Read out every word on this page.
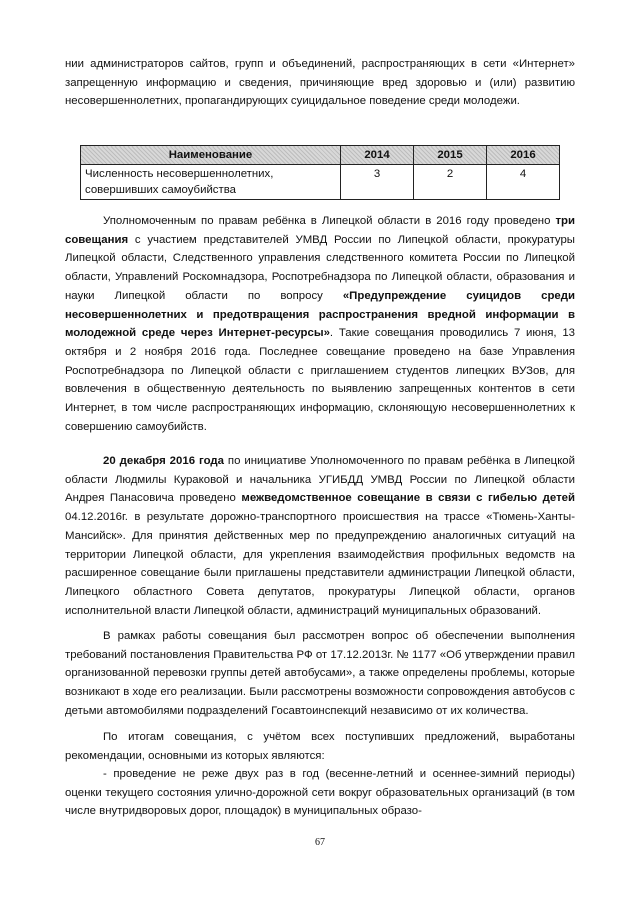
нии администраторов сайтов, групп и объединений, распространяющих в сети «Интернет» запрещенную информацию и сведения, причиняющие вред здоровью и (или) развитию несовершеннолетних, пропагандирующих суицидальное поведение среди молодежи.

Наименование	2014	2015	2016
Численность несовершеннолетних, совершивших самоубийства	3	2	4

Уполномоченным по правам ребёнка в Липецкой области в 2016 году проведено три совещания с участием представителей УМВД России по Липецкой области, прокуратуры Липецкой области, Следственного управления следственного комитета России по Липецкой области, Управлений Роскомнадзора, Роспотребнадзора по Липецкой области, образования и науки Липецкой области по вопросу «Предупреждение суицидов среди несовершеннолетних и предотвращения распространения вредной информации в молодежной среде через Интернет-ресурсы». Такие совещания проводились 7 июня, 13 октября и 2 ноября 2016 года. Последнее совещание проведено на базе Управления Роспотребнадзора по Липецкой области с приглашением студентов липецких ВУЗов, для вовлечения в общественную деятельность по выявлению запрещенных контентов в сети Интернет, в том числе распространяющих информацию, склоняющую несовершеннолетних к совершению самоубийств.

20 декабря 2016 года по инициативе Уполномоченного по правам ребёнка в Липецкой области Людмилы Кураковой и начальника УГИБДД УМВД России по Липецкой области Андрея Панасовича проведено межведомственное совещание в связи с гибелью детей 04.12.2016г. в результате дорожно-транспортного происшествия на трассе «Тюмень-Ханты-Мансийск». Для принятия действенных мер по предупреждению аналогичных ситуаций на территории Липецкой области, для укрепления взаимодействия профильных ведомств на расширенное совещание были приглашены представители администрации Липецкой области, Липецкого областного Совета депутатов, прокуратуры Липецкой области, органов исполнительной власти Липецкой области, администраций муниципальных образований.

В рамках работы совещания был рассмотрен вопрос об обеспечении выполнения требований постановления Правительства РФ от 17.12.2013г. № 1177 «Об утверждении правил организованной перевозки группы детей автобусами», а также определены проблемы, которые возникают в ходе его реализации. Были рассмотрены возможности сопровождения автобусов с детьми автомобилями подразделений Госавтоинспекций независимо от их количества.

По итогам совещания, с учётом всех поступивших предложений, выработаны рекомендации, основными из которых являются:

- проведение не реже двух раз в год (весенне-летний и осеннее-зимний периоды) оценки текущего состояния улично-дорожной сети вокруг образовательных организаций (в том числе внутридворовых дорог, площадок) в муниципальных образо-

67
